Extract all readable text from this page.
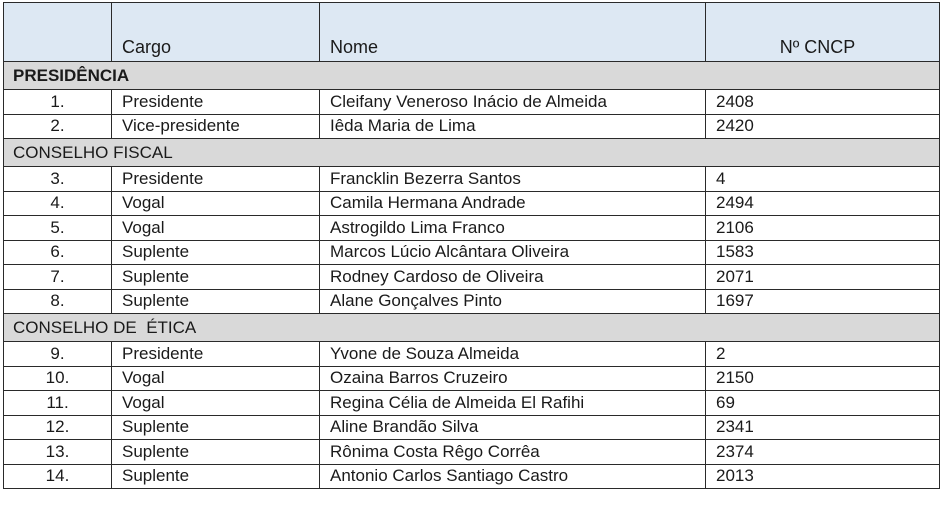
	Cargo	Nome	Nº CNCP
PRESIDÊNCIA			
1.	Presidente	Cleifany Veneroso Inácio de Almeida	2408
2.	Vice-presidente	Iêda Maria de Lima	2420
CONSELHO FISCAL			
3.	Presidente	Francklin Bezerra Santos	4
4.	Vogal	Camila Hermana Andrade	2494
5.	Vogal	Astrogildo Lima Franco	2106
6.	Suplente	Marcos Lúcio Alcântara Oliveira	1583
7.	Suplente	Rodney Cardoso de Oliveira	2071
8.	Suplente	Alane Gonçalves Pinto	1697
CONSELHO DE  ÉTICA			
9.	Presidente	Yvone de Souza Almeida	2
10.	Vogal	Ozaina Barros Cruzeiro	2150
11.	Vogal	Regina Célia de Almeida El Rafihi	69
12.	Suplente	Aline Brandão Silva	2341
13.	Suplente	Rônima Costa Rêgo Corrêa	2374
14.	Suplente	Antonio Carlos Santiago Castro	2013
